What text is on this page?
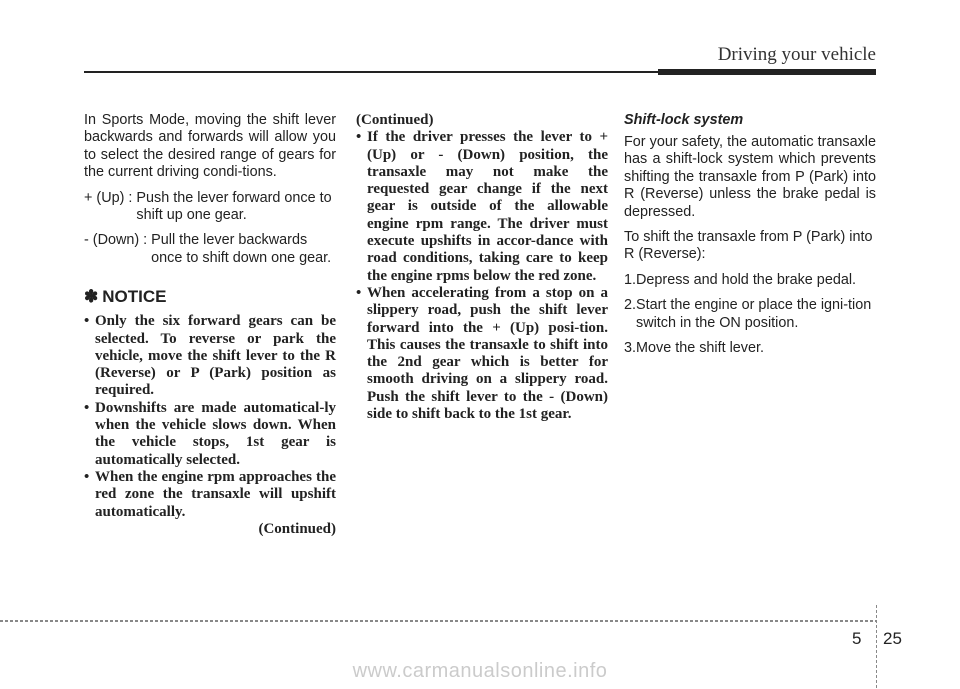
Driving your vehicle

In Sports Mode, moving the shift lever backwards and forwards will allow you to select the desired range of gears for the current driving condi-tions.

+ (Up) : Push the lever forward once to shift up one gear.
- (Down) : Pull the lever backwards once to shift down one gear.
✽ NOTICE
• Only the six forward gears can be selected. To reverse or park the vehicle, move the shift lever to the R (Reverse) or P (Park) position as required.
• Downshifts are made automatical-ly when the vehicle slows down. When the vehicle stops, 1st gear is automatically selected.
• When the engine rpm approaches the red zone the transaxle will upshift automatically.
(Continued)
(Continued)
• If the driver presses the lever to + (Up) or - (Down) position, the transaxle may not make the requested gear change if the next gear is outside of the allowable engine rpm range. The driver must execute upshifts in accor-dance with road conditions, taking care to keep the engine rpms below the red zone.
• When accelerating from a stop on a slippery road, push the shift lever forward into the + (Up) posi-tion. This causes the transaxle to shift into the 2nd gear which is better for smooth driving on a slippery road. Push the shift lever to the - (Down) side to shift back to the 1st gear.
Shift-lock system

For your safety, the automatic transaxle has a shift-lock system which prevents shifting the transaxle from P (Park) into R (Reverse) unless the brake pedal is depressed.

To shift the transaxle from P (Park) into R (Reverse):

1. Depress and hold the brake pedal.
2. Start the engine or place the igni-tion switch in the ON position.
3. Move the shift lever.
5 25
www.carmanualsonline.info
